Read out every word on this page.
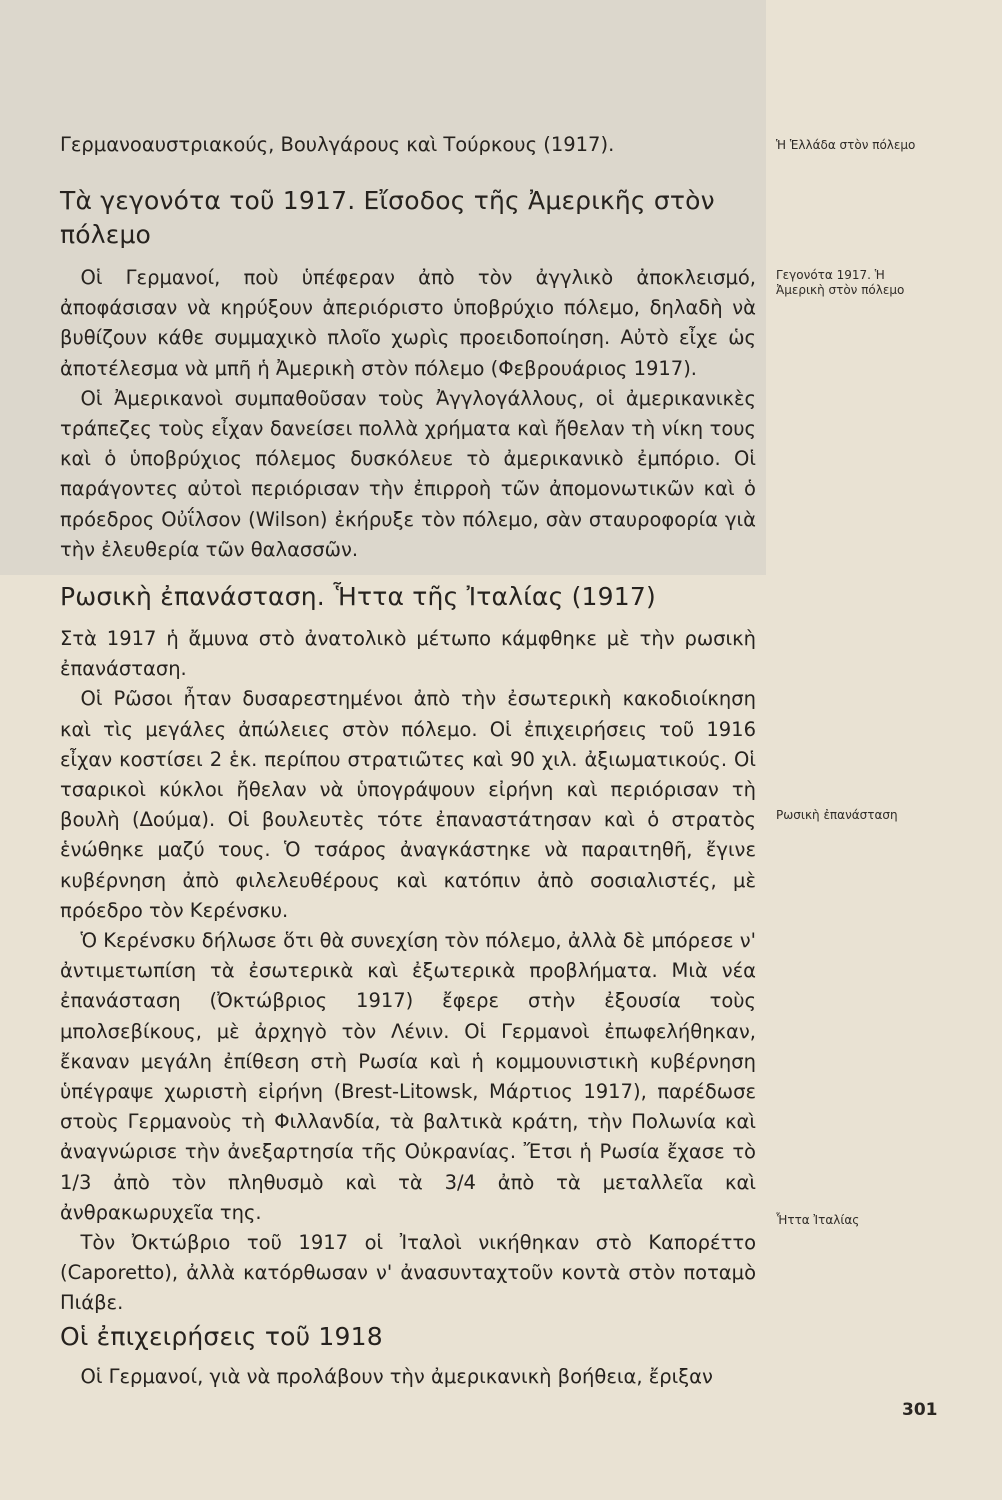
Γερμανοαυστριακούς, Βουλγάρους καὶ Τούρκους (1917).
Τὰ γεγονότα τοῦ 1917. Εἴσοδος τῆς Ἀμερικῆς στὸν πόλεμο

Οἱ Γερμανοί, ποὺ ὑπέφεραν ἀπὸ τὸν ἀγγλικὸ ἀποκλεισμό, ἀποφάσισαν νὰ κηρύξουν ἀπεριόριστο ὑποβρύχιο πόλεμο, δηλαδὴ νὰ βυθίζουν κάθε συμμαχικὸ πλοῖο χωρὶς προειδοποίηση. Αὐτὸ εἶχε ὡς ἀποτέλεσμα νὰ μπῆ ἡ Ἀμερικὴ στὸν πόλεμο (Φεβρουάριος 1917).

Οἱ Ἀμερικανοὶ συμπαθοῦσαν τοὺς Ἀγγλογάλλους, οἱ ἀμερικανικὲς τράπεζες τοὺς εἶχαν δανείσει πολλὰ χρήματα καὶ ἤθελαν τὴ νίκη τους καὶ ὁ ὑποβρύχιος πόλεμος δυσκόλευε τὸ ἀμερικανικὸ ἐμπόριο. Οἱ παράγοντες αὐτοὶ περιόρισαν τὴν ἐπιρροὴ τῶν ἀπομονωτικῶν καὶ ὁ πρόεδρος Οὐΐλσον (Wilson) ἐκήρυξε τὸν πόλεμο, σὰν σταυροφορία γιὰ τὴν ἐλευθερία τῶν θαλασσῶν.

Ρωσικὴ ἐπανάσταση. Ἧττα τῆς Ἰταλίας (1917)

Στὰ 1917 ἡ ἄμυνα στὸ ἀνατολικὸ μέτωπο κάμφθηκε μὲ τὴν ρωσικὴ ἐπανάσταση.

Οἱ Ρῶσοι ἦταν δυσαρεστημένοι ἀπὸ τὴν ἐσωτερικὴ κακοδιοίκηση καὶ τὶς μεγάλες ἀπώλειες στὸν πόλεμο. Οἱ ἐπιχειρήσεις τοῦ 1916 εἶχαν κοστίσει 2 ἑκ. περίπου στρατιῶτες καὶ 90 χιλ. ἀξιωματικούς. Οἱ τσαρικοὶ κύκλοι ἤθελαν νὰ ὑπογράψουν εἰρήνη καὶ περιόρισαν τὴ βουλὴ (Δούμα). Οἱ βουλευτὲς τότε ἐπαναστάτησαν καὶ ὁ στρατὸς ἑνώθηκε μαζύ τους. Ὁ τσάρος ἀναγκάστηκε νὰ παραιτηθῆ, ἔγινε κυβέρνηση ἀπὸ φιλελευθέρους καὶ κατόπιν ἀπὸ σοσιαλιστές, μὲ πρόεδρο τὸν Κερένσκυ.

Ὁ Κερένσκυ δήλωσε ὅτι θὰ συνεχίση τὸν πόλεμο, ἀλλὰ δὲ μπόρεσε ν' ἀντιμετωπίση τὰ ἐσωτερικὰ καὶ ἐξωτερικὰ προβλήματα. Μιὰ νέα ἐπανάσταση (Ὀκτώβριος 1917) ἔφερε στὴν ἐξουσία τοὺς μπολσεβίκους, μὲ ἀρχηγὸ τὸν Λένιν. Οἱ Γερμανοὶ ἐπωφελήθηκαν, ἔκαναν μεγάλη ἐπίθεση στὴ Ρωσία καὶ ἡ κομμουνιστικὴ κυβέρνηση ὑπέγραψε χωριστὴ εἰρήνη (Brest-Litowsk, Μάρτιος 1917), παρέδωσε στοὺς Γερμανοὺς τὴ Φιλλανδία, τὰ βαλτικὰ κράτη, τὴν Πολωνία καὶ ἀναγνώρισε τὴν ἀνεξαρτησία τῆς Οὐκρανίας. Ἔτσι ἡ Ρωσία ἔχασε τὸ 1/3 ἀπὸ τὸν πληθυσμὸ καὶ τὰ 3/4 ἀπὸ τὰ μεταλλεῖα καὶ ἀνθρακωρυχεῖα της.

Τὸν Ὀκτώβριο τοῦ 1917 οἱ Ἰταλοὶ νικήθηκαν στὸ Καπορέττο (Caporetto), ἀλλὰ κατόρθωσαν ν' ἀνασυνταχτοῦν κοντὰ στὸν ποταμὸ Πιάβε.

Οἱ ἐπιχειρήσεις τοῦ 1918

Οἱ Γερμανοί, γιὰ νὰ προλάβουν τὴν ἀμερικανικὴ βοήθεια, ἔριξαν

Ἡ Ἑλλάδα στὸν πόλεμο
Γεγονότα 1917. Ἡ Ἀμερικὴ στὸν πόλεμο
Ρωσικὴ ἐπανάσταση
Ἧττα Ἰταλίας
301
